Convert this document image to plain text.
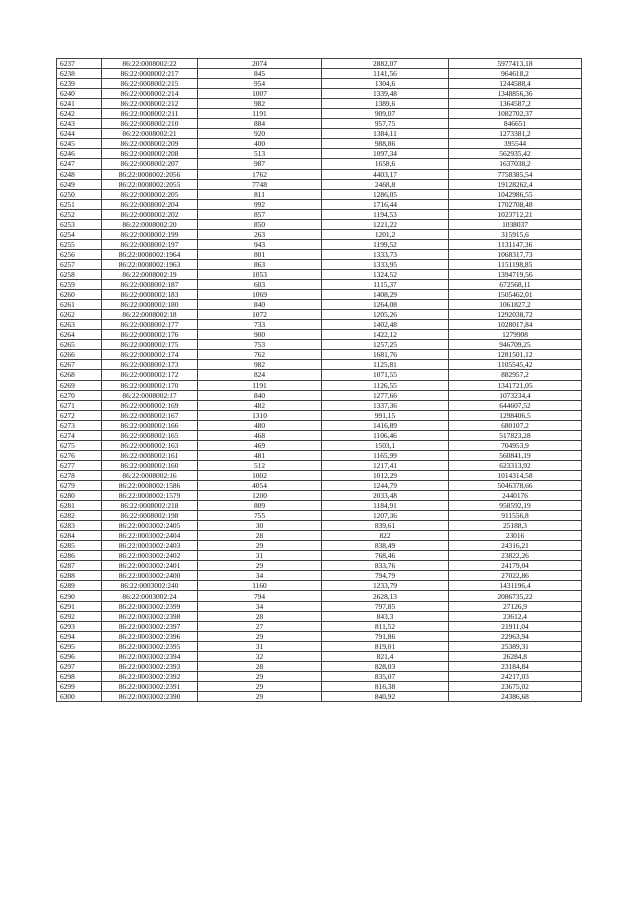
6237	86:22:0008002:22	2074	2882,07	5977413,18
6238	86:22:0008002:217	845	1141,56	964618,2
6239	86:22:0008002:215	954	1304,6	1244588,4
6240	86:22:0008002:214	1007	1339,48	1348856,36
6241	86:22:0008002:212	982	1389,6	1364587,2
6242	86:22:0008002:211	1191	909,07	1082702,37
6243	86:22:0008002:210	884	957,75	846651
6244	86:22:0008002:21	920	1384,11	1273381,2
6245	86:22:0008002:209	400	988,86	395544
6246	86:22:0008002:208	513	1097,34	562935,42
6247	86:22:0008002:207	987	1658,6	1637038,2
6248	86:22:0008002:2056	1762	4403,17	7758385,54
6249	86:22:0008002:2055	7748	2468,8	19128262,4
6250	86:22:0008002:205	811	1286,05	1042986,55
6251	86:22:0008002:204	992	1716,44	1702708,48
6252	86:22:0008002:202	857	1194,53	1023712,21
6253	86:22:0008002:20	850	1221,22	1038037
6254	86:22:0008002:199	263	1201,2	315915,6
6255	86:22:0008002:197	943	1199,52	1131147,36
6256	86:22:0008002:1964	801	1333,73	1068317,73
6257	86:22:0008002:1963	863	1333,95	1151198,85
6258	86:22:0008002:19	1053	1324,52	1394719,56
6259	86:22:0008002:187	603	1115,37	672568,11
6260	86:22:0008002:183	1069	1408,29	1505462,01
6261	86:22:0008002:180	840	1264,08	1061827,2
6262	86:22:0008002:18	1072	1205,26	1292038,72
6263	86:22:0008002:177	733	1402,48	1028017,84
6264	86:22:0008002:176	900	1422,12	1279908
6265	86:22:0008002:175	753	1257,25	946709,25
6266	86:22:0008002:174	762	1681,76	1281501,12
6267	86:22:0008002:173	982	1125,81	1105545,42
6268	86:22:0008002:172	824	1071,55	882957,2
6269	86:22:0008002:170	1191	1126,55	1341721,05
6270	86:22:0008002:17	840	1277,66	1073234,4
6271	86:22:0008002:169	482	1337,36	644607,52
6272	86:22:0008002:167	1310	991,15	1298406,5
6273	86:22:0008002:166	480	1416,89	680107,2
6274	86:22:0008002:165	468	1106,46	517823,28
6275	86:22:0008002:163	469	1503,1	704953,9
6276	86:22:0008002:161	481	1165,99	560841,19
6277	86:22:0008002:160	512	1217,41	623313,92
6278	86:22:0008002:16	1002	1012,29	1014314,58
6279	86:22:0008002:1586	4054	1244,79	5046378,66
6280	86:22:0008002:1579	1200	2033,48	2440176
6281	86:22:0008002:218	809	1184,91	958592,19
6282	86:22:0008002:198	755	1207,36	911556,8
6283	86:22:0003002:2405	30	839,61	25188,3
6284	86:22:0003002:2404	28	822	23016
6285	86:22:0003002:2403	29	838,49	24316,21
6286	86:22:0003002:2402	31	768,46	23822,26
6287	86:22:0003002:2401	29	833,76	24179,04
6288	86:22:0003002:2400	34	794,79	27022,86
6289	86:22:0003002:240	1160	1233,79	1431196,4
6290	86:22:0003002:24	794	2628,13	2086735,22
6291	86:22:0003002:2399	34	797,85	27126,9
6292	86:22:0003002:2398	28	843,3	23612,4
6293	86:22:0003002:2397	27	811,52	21911,04
6294	86:22:0003002:2396	29	791,86	22963,94
6295	86:22:0003002:2395	31	819,01	25389,31
6296	86:22:0003002:2394	32	821,4	26284,8
6297	86:22:0003002:2393	28	828,03	23184,84
6298	86:22:0003002:2392	29	835,07	24217,03
6299	86:22:0003002:2391	29	816,38	23675,02
6300	86:22:0003002:2390	29	840,92	24386,68
